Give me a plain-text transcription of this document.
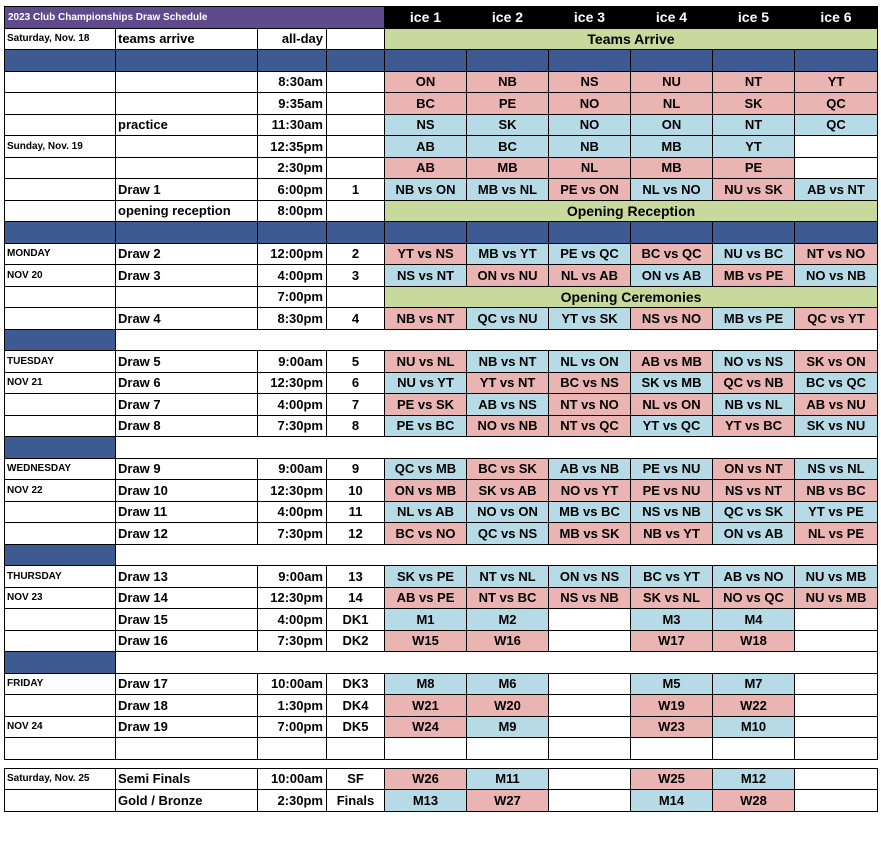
2023 Club Championships Draw Schedule				ice 1	ice 2	ice 3	ice 4	ice 5	ice 6
Saturday, Nov. 18	teams arrive	all-day		Teams Arrive					

		8:30am		ON	NB	NS	NU	NT	YT
		9:35am		BC	PE	NO	NL	SK	QC
	practice	11:30am		NS	SK	NO	ON	NT	QC
Sunday, Nov. 19		12:35pm		AB	BC	NB	MB	YT	
		2:30pm		AB	MB	NL	MB	PE	
	Draw 1	6:00pm	1	NB vs ON	MB vs NL	PE vs ON	NL vs NO	NU vs SK	AB vs NT
	opening reception	8:00pm		Opening Reception					

MONDAY	Draw 2	12:00pm	2	YT vs NS	MB vs YT	PE vs QC	BC vs QC	NU vs BC	NT vs NO
NOV 20	Draw 3	4:00pm	3	NS vs NT	ON vs NU	NL vs AB	ON vs AB	MB vs PE	NO vs NB
		7:00pm		Opening Ceremonies					
	Draw 4	8:30pm	4	NB vs NT	QC vs NU	YT vs SK	NS vs NO	MB vs PE	QC vs YT

TUESDAY	Draw 5	9:00am	5	NU vs NL	NB vs NT	NL vs ON	AB vs MB	NO vs NS	SK vs ON
NOV 21	Draw 6	12:30pm	6	NU vs YT	YT vs NT	BC vs NS	SK vs MB	QC vs NB	BC vs QC
	Draw 7	4:00pm	7	PE vs SK	AB vs NS	NT vs NO	NL vs ON	NB vs NL	AB vs NU
	Draw 8	7:30pm	8	PE vs BC	NO vs NB	NT vs QC	YT vs QC	YT vs BC	SK vs NU

WEDNESDAY	Draw 9	9:00am	9	QC vs MB	BC vs SK	AB vs NB	PE vs NU	ON vs NT	NS vs NL
NOV 22	Draw 10	12:30pm	10	ON vs MB	SK vs AB	NO vs YT	PE vs NU	NS vs NT	NB vs BC
	Draw 11	4:00pm	11	NL vs AB	NO vs ON	MB vs BC	NS vs NB	QC vs SK	YT vs PE
	Draw 12	7:30pm	12	BC vs NO	QC vs NS	MB vs SK	NB vs YT	ON vs AB	NL vs PE

THURSDAY	Draw 13	9:00am	13	SK vs PE	NT vs NL	ON vs NS	BC vs YT	AB vs NO	NU vs MB
NOV 23	Draw 14	12:30pm	14	AB vs PE	NT vs BC	NS vs NB	SK vs NL	NO vs QC	NU vs MB
	Draw 15	4:00pm	DK1	M1	M2		M3	M4	
	Draw 16	7:30pm	DK2	W15	W16		W17	W18	

FRIDAY	Draw 17	10:00am	DK3	M8	M6		M5	M7	
	Draw 18	1:30pm	DK4	W21	W20		W19	W22	
NOV 24	Draw 19	7:00pm	DK5	W24	M9		W23	M10	

Saturday, Nov. 25	Semi Finals	10:00am	SF	W26	M11		W25	M12	
	Gold / Bronze	2:30pm	Finals	M13	W27		M14	W28	
